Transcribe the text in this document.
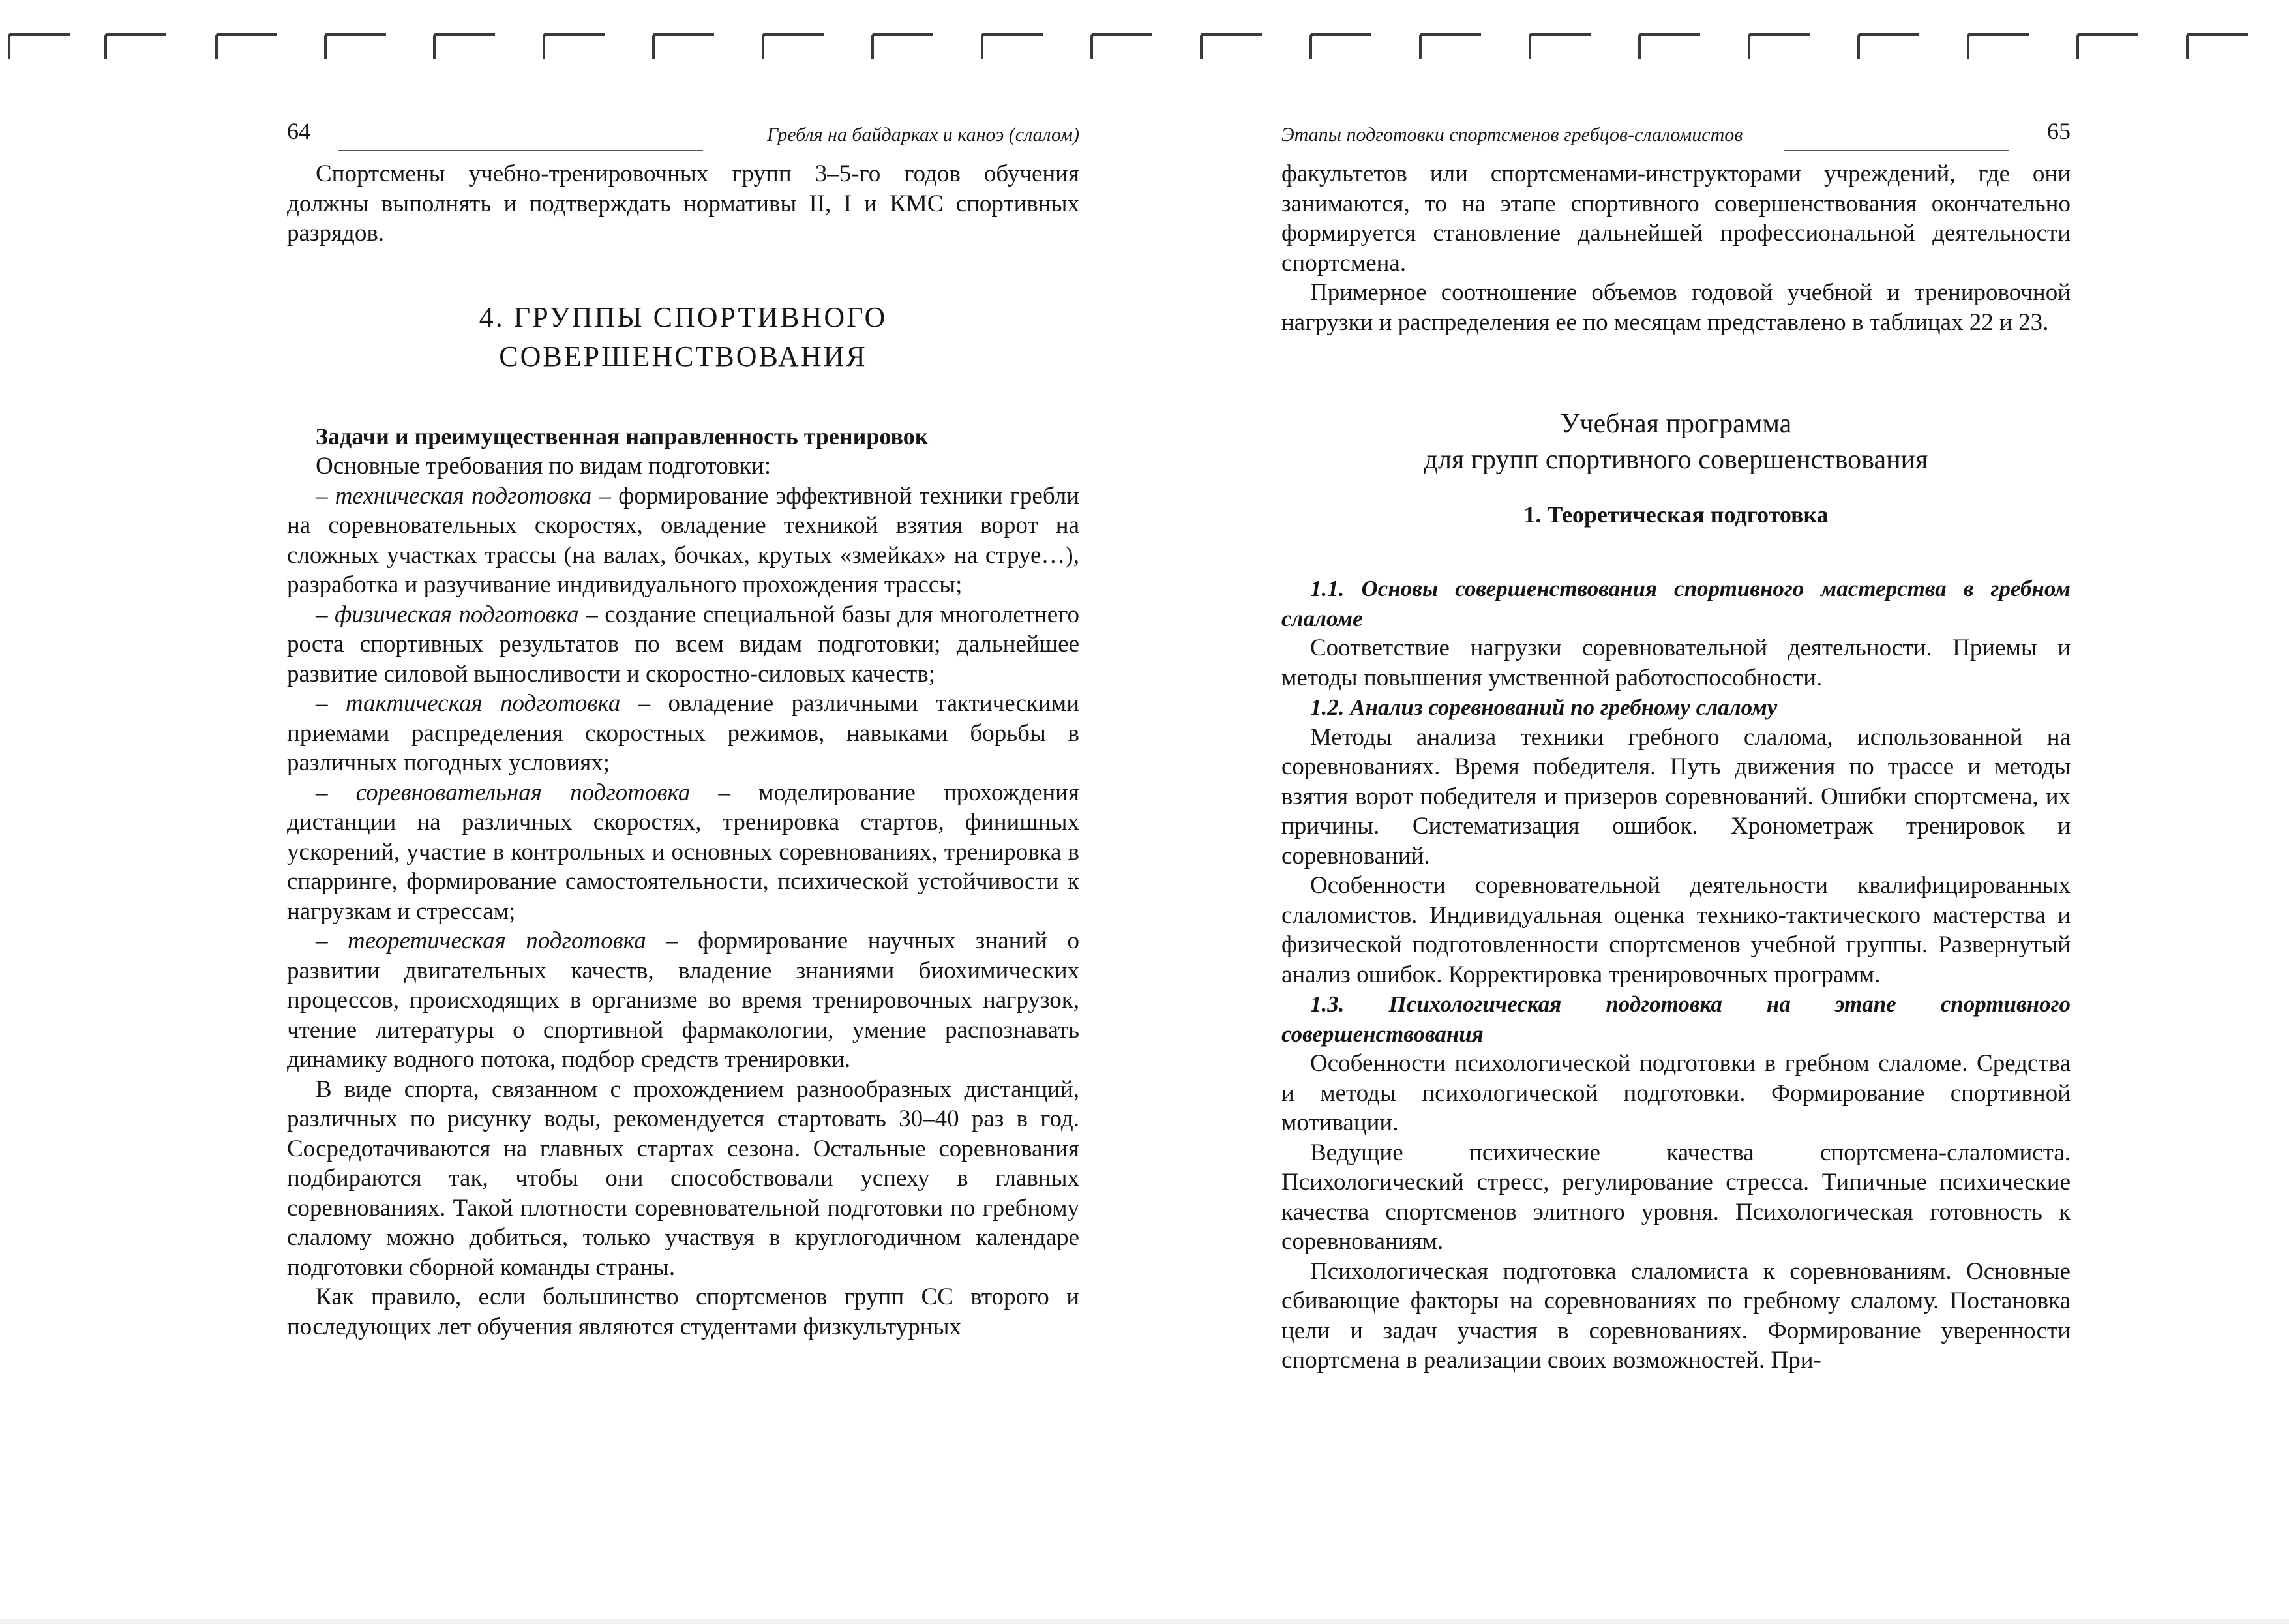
64	Гребля на байдарках и каноэ (слалом)

Спортсмены учебно-тренировочных групп 3–5-го годов обучения должны выполнять и подтверждать нормативы II, I и КМС спортивных разрядов.

4. ГРУППЫ СПОРТИВНОГО
СОВЕРШЕНСТВОВАНИЯ
Задачи и преимущественная направленность тренировок

Основные требования по видам подготовки:

– техническая подготовка – формирование эффективной техники гребли на соревновательных скоростях, овладение техникой взятия ворот на сложных участках трассы (на валах, бочках, крутых «змейках» на струе…), разработка и разучивание индивидуального прохождения трассы;

– физическая подготовка – создание специальной базы для многолетнего роста спортивных результатов по всем видам подготовки; дальнейшее развитие силовой выносливости и скоростно-силовых качеств;

– тактическая подготовка – овладение различными тактическими приемами распределения скоростных режимов, навыками борьбы в различных погодных условиях;

– соревновательная подготовка – моделирование прохождения дистанции на различных скоростях, тренировка стартов, финишных ускорений, участие в контрольных и основных соревнованиях, тренировка в спарринге, формирование самостоятельности, психической устойчивости к нагрузкам и стрессам;

– теоретическая подготовка – формирование научных знаний о развитии двигательных качеств, владение знаниями биохимических процессов, происходящих в организме во время тренировочных нагрузок, чтение литературы о спортивной фармакологии, умение распознавать динамику водного потока, подбор средств тренировки.

В виде спорта, связанном с прохождением разнообразных дистанций, различных по рисунку воды, рекомендуется стартовать 30–40 раз в год. Сосредотачиваются на главных стартах сезона. Остальные соревнования подбираются так, чтобы они способствовали успеху в главных соревнованиях. Такой плотности соревновательной подготовки по гребному слалому можно добиться, только участвуя в круглогодичном календаре подготовки сборной команды страны.

Как правило, если большинство спортсменов групп СС второго и последующих лет обучения являются студентами физкультурных

Этапы подготовки спортсменов гребцов-слаломистов	65

факультетов или спортсменами-инструкторами учреждений, где они занимаются, то на этапе спортивного совершенствования окончательно формируется становление дальнейшей профессиональной деятельности спортсмена.

Примерное соотношение объемов годовой учебной и тренировочной нагрузки и распределения ее по месяцам представлено в таблицах 22 и 23.

Учебная программа
для групп спортивного совершенствования
1. Теоретическая подготовка
1.1. Основы совершенствования спортивного мастерства в гребном слаломе

Соответствие нагрузки соревновательной деятельности. Приемы и методы повышения умственной работоспособности.

1.2. Анализ соревнований по гребному слалому

Методы анализа техники гребного слалома, использованной на соревнованиях. Время победителя. Путь движения по трассе и методы взятия ворот победителя и призеров соревнований. Ошибки спортсмена, их причины. Систематизация ошибок. Хронометраж тренировок и соревнований.

Особенности соревновательной деятельности квалифицированных слаломистов. Индивидуальная оценка технико-тактического мастерства и физической подготовленности спортсменов учебной группы. Развернутый анализ ошибок. Корректировка тренировочных программ.

1.3. Психологическая подготовка на этапе спортивного совершенствования

Особенности психологической подготовки в гребном слаломе. Средства и методы психологической подготовки. Формирование спортивной мотивации.

Ведущие психические качества спортсмена-слаломиста. Психологический стресс, регулирование стресса. Типичные психические качества спортсменов элитного уровня. Психологическая готовность к соревнованиям.

Психологическая подготовка слаломиста к соревнованиям. Основные сбивающие факторы на соревнованиях по гребному слалому. Постановка цели и задач участия в соревнованиях. Формирование уверенности спортсмена в реализации своих возможностей. При-
